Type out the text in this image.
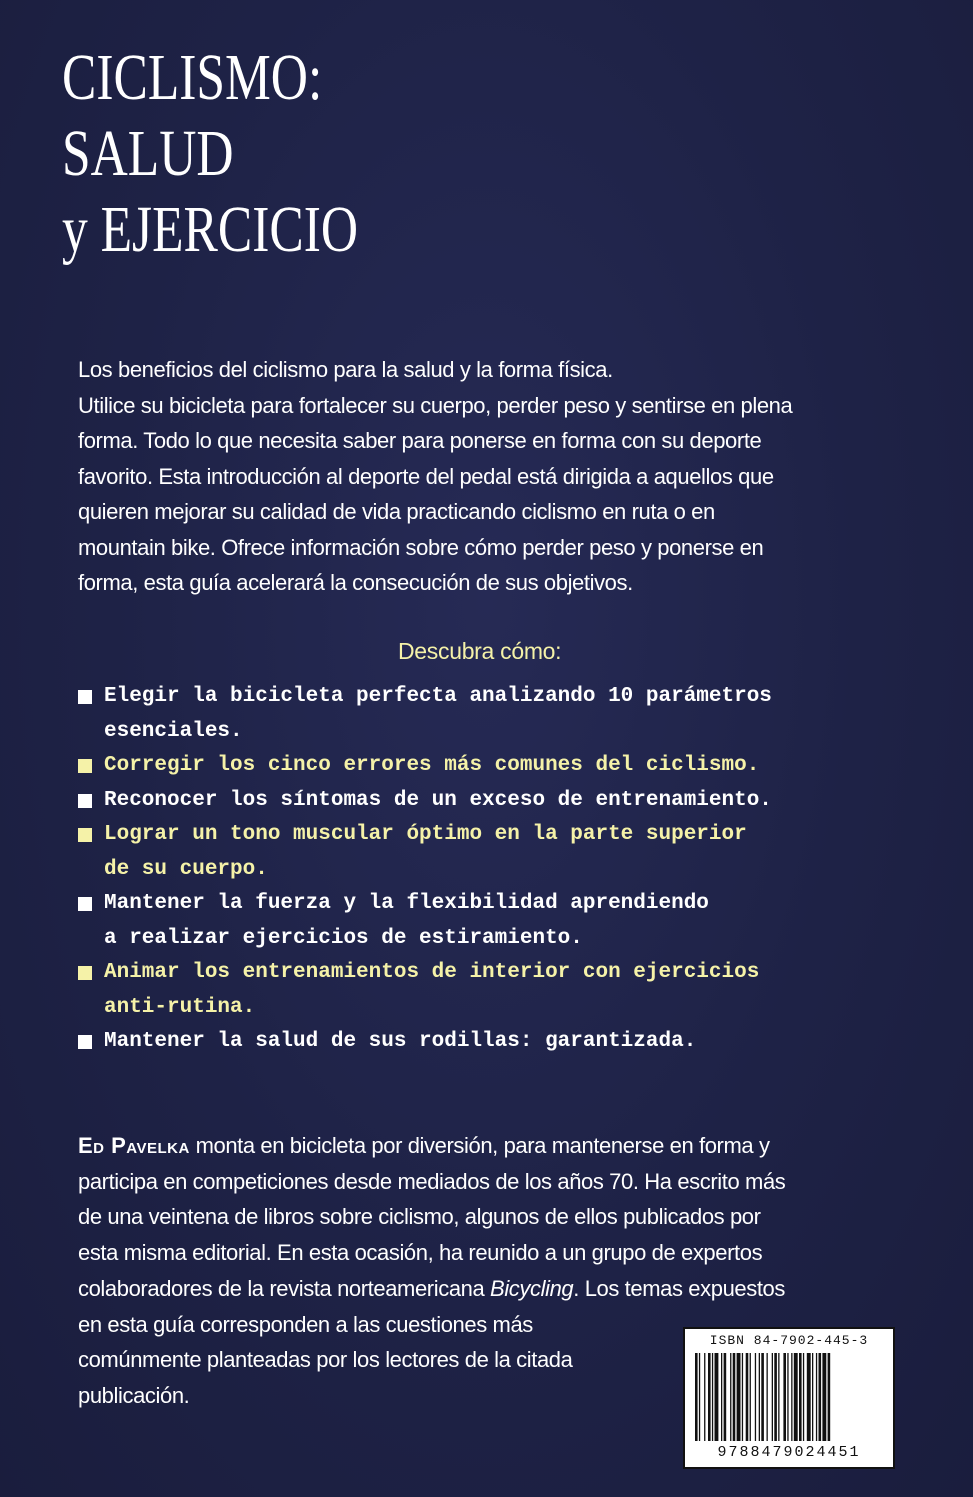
CICLISMO:
SALUD
y EJERCICIO

Los beneficios del ciclismo para la salud y la forma física.

Utilice su bicicleta para fortalecer su cuerpo, perder peso y sentirse en plena

forma. Todo lo que necesita saber para ponerse en forma con su deporte

favorito. Esta introducción al deporte del pedal está dirigida a aquellos que

quieren mejorar su calidad de vida practicando ciclismo en ruta o en

mountain bike. Ofrece información sobre cómo perder peso y ponerse en

forma, esta guía acelerará la consecución de sus objetivos.

Descubra cómo:
Elegir la bicicleta perfecta analizando 10 parámetros
esenciales.
Corregir los cinco errores más comunes del ciclismo.
Reconocer los síntomas de un exceso de entrenamiento.
Lograr un tono muscular óptimo en la parte superior
de su cuerpo.
Mantener la fuerza y la flexibilidad aprendiendo
a realizar ejercicios de estiramiento.
Animar los entrenamientos de interior con ejercicios
anti-rutina.
Mantener la salud de sus rodillas: garantizada.

Ed Pavelka monta en bicicleta por diversión, para mantenerse en forma y

participa en competiciones desde mediados de los años 70. Ha escrito más

de una veintena de libros sobre ciclismo, algunos de ellos publicados por

esta misma editorial. En esta ocasión, ha reunido a un grupo de expertos

colaboradores de la revista norteamericana Bicycling. Los temas expuestos

en esta guía corresponden a las cuestiones más

comúnmente planteadas por los lectores de la citada

publicación.

ISBN 84-7902-445-3
9788479024451
